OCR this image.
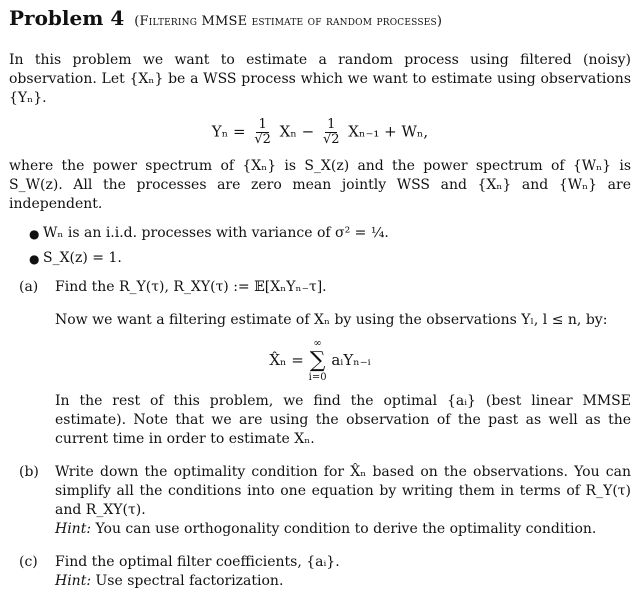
Problem 4 (Filtering MMSE estimate of random processes)

In this problem we want to estimate a random process using filtered (noisy) observation. Let {Xₙ} be a WSS process which we want to estimate using observations {Yₙ}.

$Y_n = \frac{1}{√2}$ $X_n - \frac{1}{√2} X_{n-1} + W_n$,

where the power spectrum of {Xₙ} is S_X(z) and the power spectrum of {Wₙ} is S_W(z). All the processes are zero mean jointly WSS and {Xₙ} and {Wₙ} are independent.

● Wₙ is an i.i.d. processes with variance of σ² = ¼.
● S_X(z) = 1.
(a)	Find the R_Y(τ), R_XY(τ) := 𝔼[XₙYₙ₋τ].

Now we want a filtering estimate of Xₙ by using the observations Yₗ, l ≤ n, by:

X̂ₙ =
∞
∑
i=0
aᵢYₙ₋ᵢ

In the rest of this problem, we find the optimal {aᵢ} (best linear MMSE estimate). Note that we are using the observation of the past as well as the current time in order to estimate Xₙ.

(b)	Write down the optimality condition for X̂ₙ based on the observations. You can simplify all the conditions into one equation by writing them in terms of R_Y(τ) and R_XY(τ).
Hint: You can use orthogonality condition to derive the optimality condition.
(c)	Find the optimal filter coefficients, {aᵢ}.
Hint: Use spectral factorization.
